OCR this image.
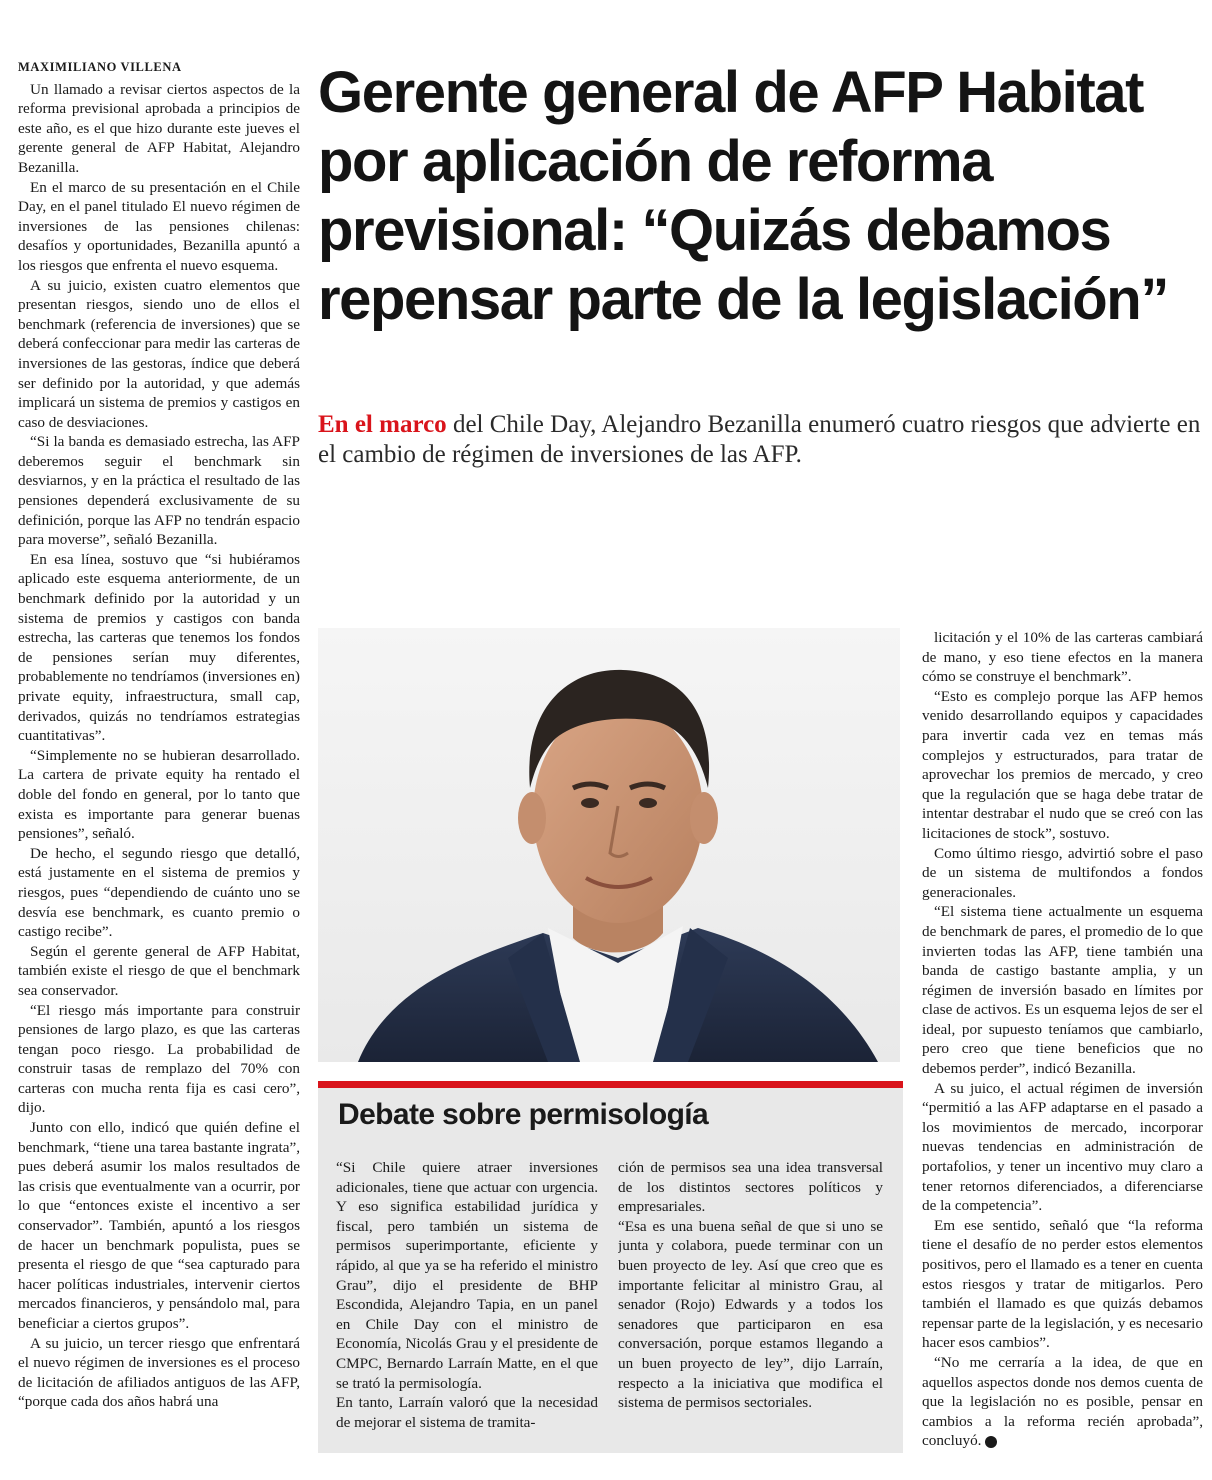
MAXIMILIANO VILLENA

Un llamado a revisar ciertos aspectos de la reforma previsional aprobada a principios de este año, es el que hizo durante este jueves el gerente general de AFP Habitat, Alejandro Bezanilla.

En el marco de su presentación en el Chile Day, en el panel titulado El nuevo régimen de inversiones de las pensiones chilenas: desafíos y oportunidades, Bezanilla apuntó a los riesgos que enfrenta el nuevo esquema.

A su juicio, existen cuatro elementos que presentan riesgos, siendo uno de ellos el benchmark (referencia de inversiones) que se deberá confeccionar para medir las carteras de inversiones de las gestoras, índice que deberá ser definido por la autoridad, y que además implicará un sistema de premios y castigos en caso de desviaciones.

“Si la banda es demasiado estrecha, las AFP deberemos seguir el benchmark sin desviarnos, y en la práctica el resultado de las pensiones dependerá exclusivamente de su definición, porque las AFP no tendrán espacio para moverse”, señaló Bezanilla.

En esa línea, sostuvo que “si hubiéramos aplicado este esquema anteriormente, de un benchmark definido por la autoridad y un sistema de premios y castigos con banda estrecha, las carteras que tenemos los fondos de pensiones serían muy diferentes, probablemente no tendríamos (inversiones en) private equity, infraestructura, small cap, derivados, quizás no tendríamos estrategias cuantitativas”.

“Simplemente no se hubieran desarrollado. La cartera de private equity ha rentado el doble del fondo en general, por lo tanto que exista es importante para generar buenas pensiones”, señaló.

De hecho, el segundo riesgo que detalló, está justamente en el sistema de premios y riesgos, pues “dependiendo de cuánto uno se desvía ese benchmark, es cuanto premio o castigo recibe”.

Según el gerente general de AFP Habitat, también existe el riesgo de que el benchmark sea conservador.

“El riesgo más importante para construir pensiones de largo plazo, es que las carteras tengan poco riesgo. La probabilidad de construir tasas de remplazo del 70% con carteras con mucha renta fija es casi cero”, dijo.

Junto con ello, indicó que quién define el benchmark, “tiene una tarea bastante ingrata”, pues deberá asumir los malos resultados de las crisis que eventualmente van a ocurrir, por lo que “entonces existe el incentivo a ser conservador”. También, apuntó a los riesgos de hacer un benchmark populista, pues se presenta el riesgo de que “sea capturado para hacer políticas industriales, intervenir ciertos mercados financieros, y pensándolo mal, para beneficiar a ciertos grupos”.

A su juicio, un tercer riesgo que enfrentará el nuevo régimen de inversiones es el proceso de licitación de afiliados antiguos de las AFP, “porque cada dos años habrá una

Gerente general de AFP Habitat por aplicación de reforma previsional: “Quizás debamos repensar parte de la legislación”

En el marco del Chile Day, Alejandro Bezanilla enumeró cuatro riesgos que advierte en el cambio de régimen de inversiones de las AFP.

Debate sobre permisología

“Si Chile quiere atraer inversiones adicionales, tiene que actuar con urgencia. Y eso significa estabilidad jurídica y fiscal, pero también un sistema de permisos superimportante, eficiente y rápido, al que ya se ha referido el ministro Grau”, dijo el presidente de BHP Escondida, Alejandro Tapia, en un panel en Chile Day con el ministro de Economía, Nicolás Grau y el presidente de CMPC, Bernardo Larraín Matte, en el que se trató la permisología.

En tanto, Larraín valoró que la necesidad de mejorar el sistema de tramita-

ción de permisos sea una idea transversal de los distintos sectores políticos y empresariales.

“Esa es una buena señal de que si uno se junta y colabora, puede terminar con un buen proyecto de ley. Así que creo que es importante felicitar al ministro Grau, al senador (Rojo) Edwards y a todos los senadores que participaron en esa conversación, porque estamos llegando a un buen proyecto de ley”, dijo Larraín, respecto a la iniciativa que modifica el sistema de permisos sectoriales.

licitación y el 10% de las carteras cambiará de mano, y eso tiene efectos en la manera cómo se construye el benchmark”.

“Esto es complejo porque las AFP hemos venido desarrollando equipos y capacidades para invertir cada vez en temas más complejos y estructurados, para tratar de aprovechar los premios de mercado, y creo que la regulación que se haga debe tratar de intentar destrabar el nudo que se creó con las licitaciones de stock”, sostuvo.

Como último riesgo, advirtió sobre el paso de un sistema de multifondos a fondos generacionales.

“El sistema tiene actualmente un esquema de benchmark de pares, el promedio de lo que invierten todas las AFP, tiene también una banda de castigo bastante amplia, y un régimen de inversión basado en límites por clase de activos. Es un esquema lejos de ser el ideal, por supuesto teníamos que cambiarlo, pero creo que tiene beneficios que no debemos perder”, indicó Bezanilla.

A su juico, el actual régimen de inversión “permitió a las AFP adaptarse en el pasado a los movimientos de mercado, incorporar nuevas tendencias en administración de portafolios, y tener un incentivo muy claro a tener retornos diferenciados, a diferenciarse de la competencia”.

Em ese sentido, señaló que “la reforma tiene el desafío de no perder estos elementos positivos, pero el llamado es a tener en cuenta estos riesgos y tratar de mitigarlos. Pero también el llamado es que quizás debamos repensar parte de la legislación, y es necesario hacer esos cambios”.

“No me cerraría a la idea, de que en aquellos aspectos donde nos demos cuenta de que la legislación no es posible, pensar en cambios a la reforma recién aprobada”, concluyó. P
